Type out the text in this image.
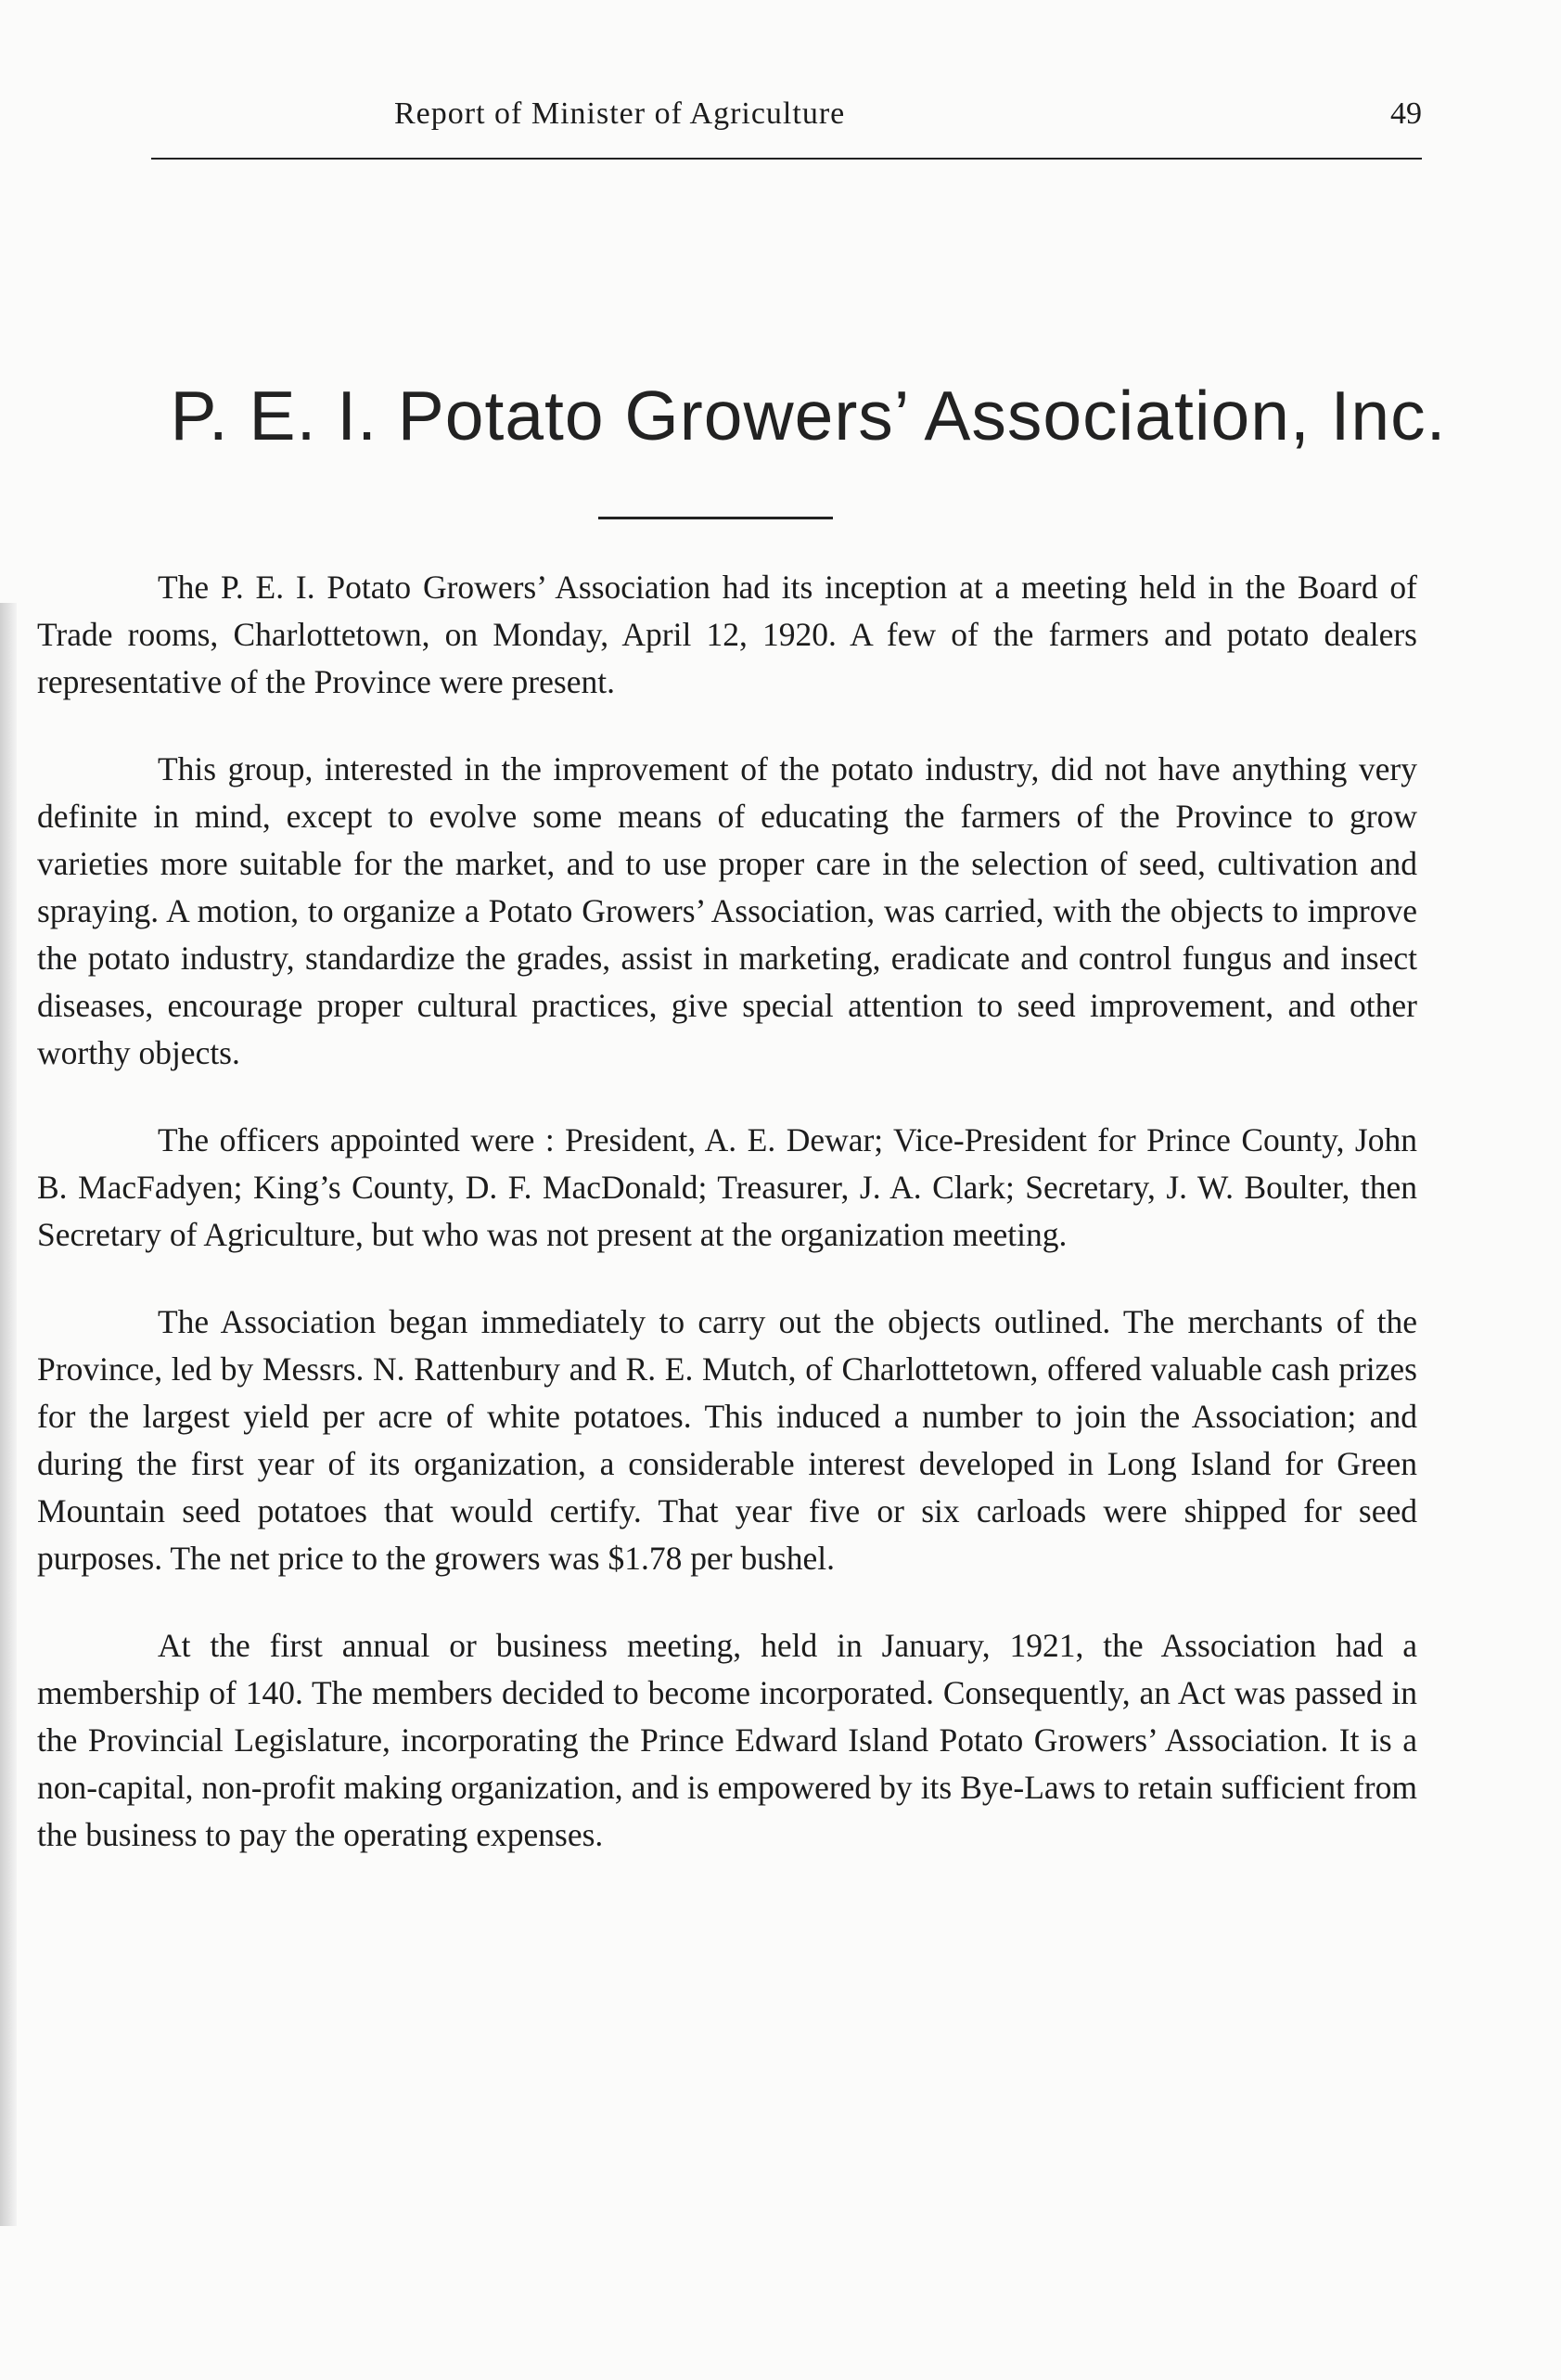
Report of Minister of Agriculture	49
P. E. I. Potato Growers’ Association, Inc.

The P. E. I. Potato Growers’ Association had its inception at a meeting held in the Board of Trade rooms, Charlottetown, on Monday, April 12, 1920. A few of the farmers and potato dealers representative of the Province were present.

This group, interested in the improvement of the potato industry, did not have anything very definite in mind, except to evolve some means of educating the farmers of the Province to grow varieties more suitable for the market, and to use proper care in the selection of seed, cultivation and spraying. A motion, to organize a Potato Growers’ Association, was carried, with the objects to improve the potato industry, standardize the grades, assist in marketing, eradicate and control fungus and insect diseases, encourage proper cultural practices, give special attention to seed improvement, and other worthy objects.

The officers appointed were : President, A. E. Dewar; Vice-President for Prince County, John B. MacFadyen; King’s County, D. F. MacDonald; Treasurer, J. A. Clark; Secretary, J. W. Boulter, then Secretary of Agriculture, but who was not present at the organization meeting.

The Association began immediately to carry out the objects outlined. The merchants of the Province, led by Messrs. N. Rattenbury and R. E. Mutch, of Charlottetown, offered valuable cash prizes for the largest yield per acre of white potatoes. This induced a number to join the Association; and during the first year of its organization, a considerable interest developed in Long Island for Green Mountain seed potatoes that would certify. That year five or six carloads were shipped for seed purposes. The net price to the growers was $1.78 per bushel.

At the first annual or business meeting, held in January, 1921, the Association had a membership of 140. The members decided to become incorporated. Consequently, an Act was passed in the Provincial Legislature, incorporating the Prince Edward Island Potato Growers’ Association. It is a non-capital, non-profit making organization, and is empowered by its Bye-Laws to retain sufficient from the business to pay the operating expenses.
